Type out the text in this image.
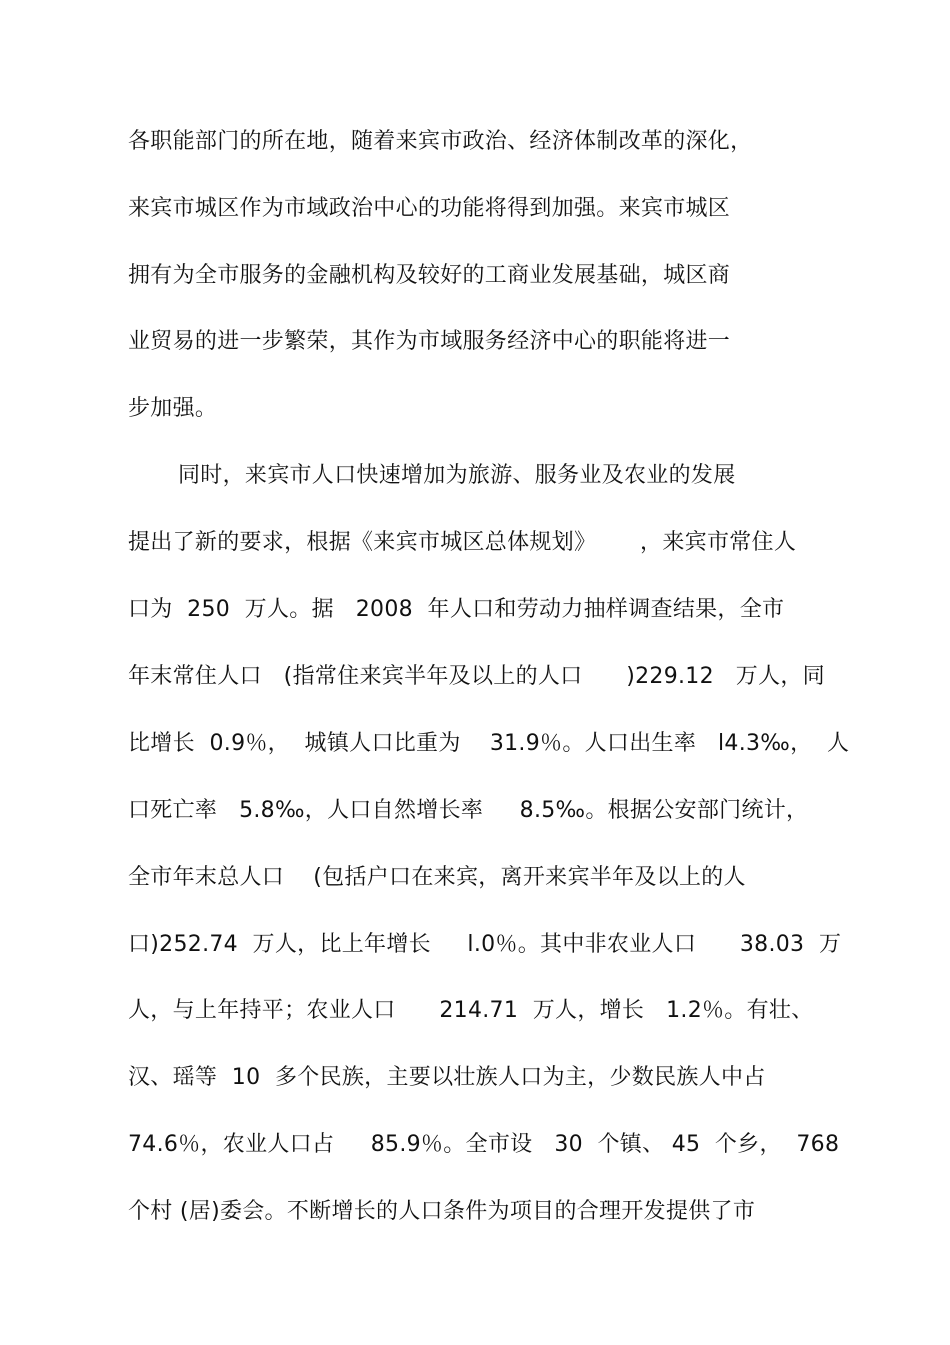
各职能部门的所在地，随着来宾市政治、经济体制改革的深化，
来宾市城区作为市域政治中心的功能将得到加强。来宾市城区
拥有为全市服务的金融机构及较好的工商业发展基础，城区商
业贸易的进一步繁荣，其作为市域服务经济中心的职能将进一
步加强。
同时，来宾市人口快速增加为旅游、服务业及农业的发展
提出了新的要求，根据《来宾市城区总体规划》      ，来宾市常住人
口为  250  万人。据   2008  年人口和劳动力抽样调查结果，全市
年末常住人口   (指常住来宾半年及以上的人口      )229.12   万人，同
比增长  0.9％，  城镇人口比重为    31.9％。人口出生率   l4.3‰，  人
口死亡率   5.8‰，人口自然增长率     8.5‰。根据公安部门统计，
全市年末总人口    (包括户口在来宾，离开来宾半年及以上的人
口)252.74  万人，比上年增长     l.0％。其中非农业人口      38.03  万
人，与上年持平；农业人口      214.71  万人，增长   1.2％。有壮、
汉、瑶等  10  多个民族，主要以壮族人口为主，少数民族人中占
74.6％，农业人口占     85.9％。全市设   30  个镇、 45  个乡，  768
个村 (居)委会。不断增长的人口条件为项目的合理开发提供了市
